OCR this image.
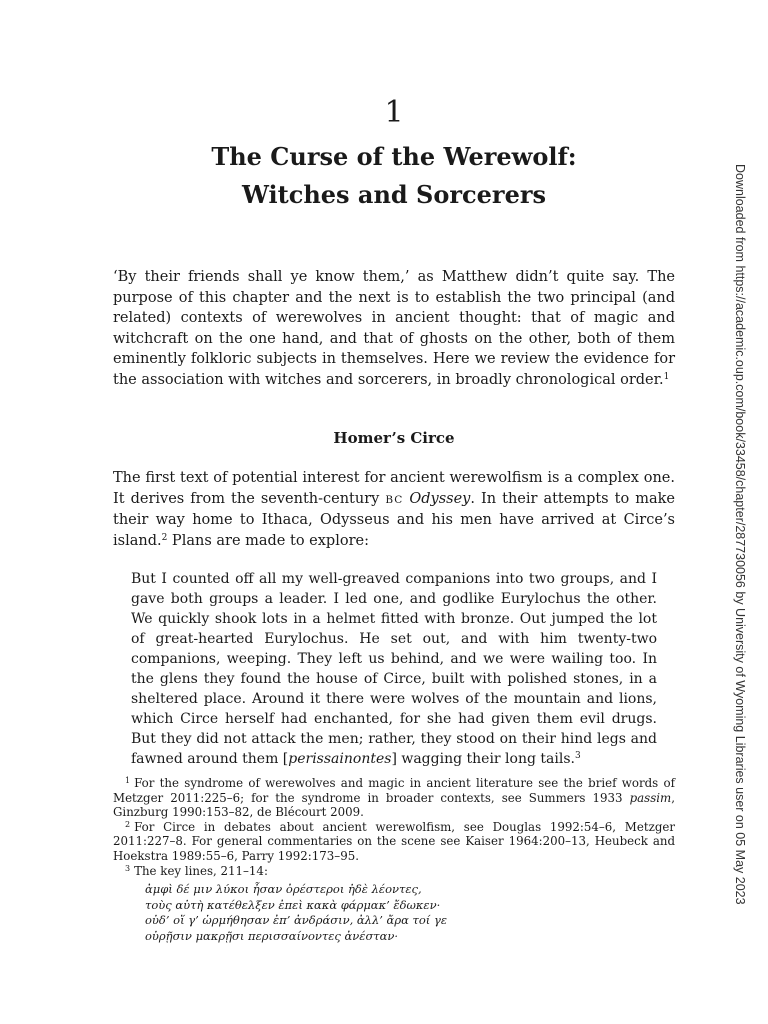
1
The Curse of the Werewolf:
Witches and Sorcerers

‘By their friends shall ye know them,’ as Matthew didn’t quite say. The purpose of this chapter and the next is to establish the two principal (and related) contexts of werewolves in ancient thought: that of magic and witchcraft on the one hand, and that of ghosts on the other, both of them eminently folkloric subjects in themselves. Here we review the evidence for the association with witches and sorcerers, in broadly chronological order.$^1$

Homer’s Circe

The first text of potential interest for ancient werewolfism is a complex one. It derives from the seventh-century BC Odyssey. In their attempts to make their way home to Ithaca, Odysseus and his men have arrived at Circe’s island.$^2$ Plans are made to explore:

But I counted off all my well-greaved companions into two groups, and I gave both groups a leader. I led one, and godlike Eurylochus the other. We quickly shook lots in a helmet fitted with bronze. Out jumped the lot of great-hearted Eurylochus. He set out, and with him twenty-two companions, weeping. They left us behind, and we were wailing too. In the glens they found the house of Circe, built with polished stones, in a sheltered place. Around it there were wolves of the mountain and lions, which Circe herself had enchanted, for she had given them evil drugs. But they did not attack the men; rather, they stood on their hind legs and fawned around them [perissainontes] wagging their long tails.$^3$

$^1$ For the syndrome of werewolves and magic in ancient literature see the brief words of Metzger 2011:225–6; for the syndrome in broader contexts, see Summers 1933 passim, Ginzburg 1990:153–82, de Blécourt 2009.

$^2$ For Circe in debates about ancient werewolfism, see Douglas 1992:54–6, Metzger 2011:227–8. For general commentaries on the scene see Kaiser 1964:200–13, Heubeck and Hoekstra 1989:55–6, Parry 1992:173–95.

$^3$ The key lines, 211–14:

ἀμφὶ δέ μιν λύκοι ἦσαν ὀρέστεροι ἠδὲ λέοντες,
τοὺς αὐτὴ κατέθελξεν ἐπεὶ κακὰ φάρμακ’ ἔδωκεν·
οὐδ’ οἵ γ’ ὡρμήθησαν ἐπ’ ἀνδράσιν, ἀλλ’ ἄρα τοί γε
οὐρῇσιν μακρῇσι περισσαίνοντες ἀνέσταν·
Downloaded from https://academic.oup.com/book/33458/chapter/287730056 by University of Wyoming Libraries user on 05 May 2023
